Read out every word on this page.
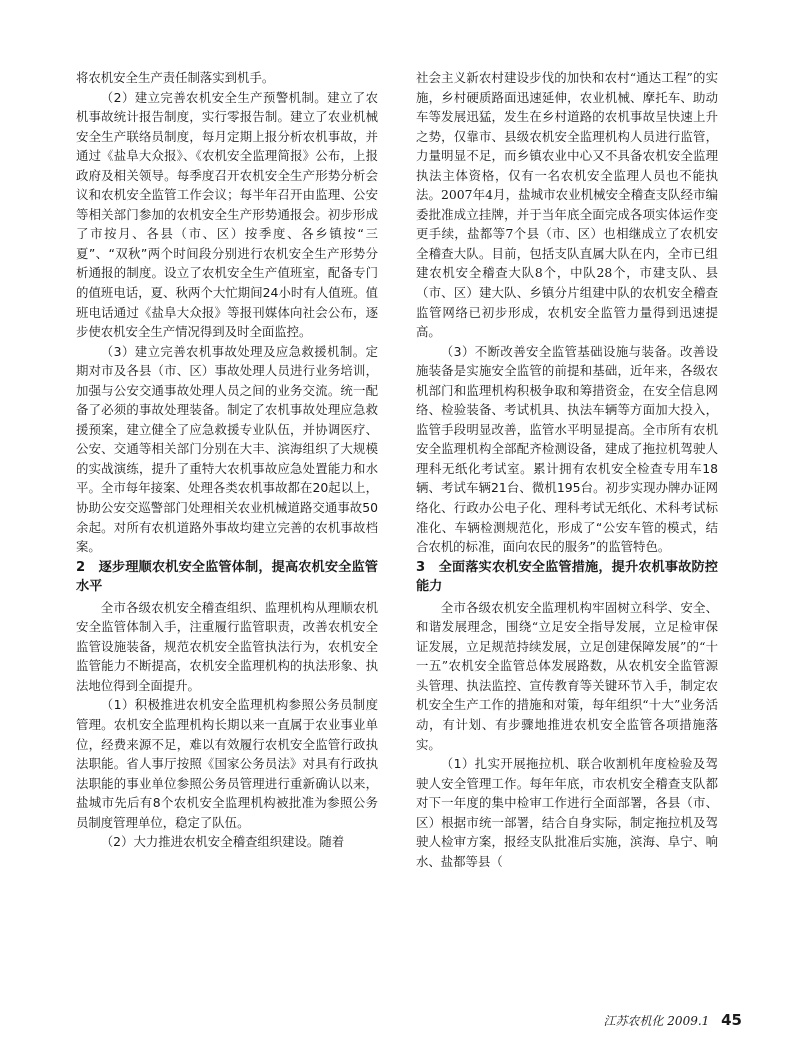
将农机安全生产责任制落实到机手。

（2）建立完善农机安全生产预警机制。建立了农机事故统计报告制度，实行零报告制。建立了农业机械安全生产联络员制度，每月定期上报分析农机事故，并通过《盐阜大众报》、《农机安全监理简报》公布，上报政府及相关领导。每季度召开农机安全生产形势分析会议和农机安全监管工作会议；每半年召开由监理、公安等相关部门参加的农机安全生产形势通报会。初步形成了市按月、各县（市、区）按季度、各乡镇按“三夏”、“双秋”两个时间段分别进行农机安全生产形势分析通报的制度。设立了农机安全生产值班室，配备专门的值班电话，夏、秋两个大忙期间24小时有人值班。值班电话通过《盐阜大众报》等报刊媒体向社会公布，逐步使农机安全生产情况得到及时全面监控。

（3）建立完善农机事故处理及应急救援机制。定期对市及各县（市、区）事故处理人员进行业务培训，加强与公安交通事故处理人员之间的业务交流。统一配备了必须的事故处理装备。制定了农机事故处理应急救援预案，建立健全了应急救援专业队伍，并协调医疗、公安、交通等相关部门分别在大丰、滨海组织了大规模的实战演练，提升了重特大农机事故应急处置能力和水平。全市每年接案、处理各类农机事故都在20起以上，协助公安交巡警部门处理相关农业机械道路交通事故50余起。对所有农机道路外事故均建立完善的农机事故档案。

2　逐步理顺农机安全监管体制，提高农机安全监管水平

全市各级农机安全稽查组织、监理机构从理顺农机安全监管体制入手，注重履行监管职责，改善农机安全监管设施装备，规范农机安全监管执法行为，农机安全监管能力不断提高，农机安全监理机构的执法形象、执法地位得到全面提升。

（1）积极推进农机安全监理机构参照公务员制度管理。农机安全监理机构长期以来一直属于农业事业单位，经费来源不足，难以有效履行农机安全监管行政执法职能。省人事厅按照《国家公务员法》对具有行政执法职能的事业单位参照公务员管理进行重新确认以来，盐城市先后有8个农机安全监理机构被批准为参照公务员制度管理单位，稳定了队伍。

（2）大力推进农机安全稽查组织建设。随着

社会主义新农村建设步伐的加快和农村“通达工程”的实施，乡村硬质路面迅速延伸，农业机械、摩托车、助动车等发展迅猛，发生在乡村道路的农机事故呈快速上升之势，仅靠市、县级农机安全监理机构人员进行监管，力量明显不足，而乡镇农业中心又不具备农机安全监理执法主体资格，仅有一名农机安全监理人员也不能执法。2007年4月，盐城市农业机械安全稽查支队经市编委批准成立挂牌，并于当年底全面完成各项实体运作变更手续，盐都等7个县（市、区）也相继成立了农机安全稽查大队。目前，包括支队直属大队在内，全市已组建农机安全稽查大队8个，中队28个，市建支队、县（市、区）建大队、乡镇分片组建中队的农机安全稽查监管网络已初步形成，农机安全监管力量得到迅速提高。

（3）不断改善安全监管基础设施与装备。改善设施装备是实施安全监管的前提和基础，近年来，各级农机部门和监理机构积极争取和筹措资金，在安全信息网络、检验装备、考试机具、执法车辆等方面加大投入，监管手段明显改善，监管水平明显提高。全市所有农机安全监理机构全部配齐检测设备，建成了拖拉机驾驶人理科无纸化考试室。累计拥有农机安全检查专用车18辆、考试车辆21台、微机195台。初步实现办牌办证网络化、行政办公电子化、理科考试无纸化、术科考试标准化、车辆检测规范化，形成了“公安车管的模式，结合农机的标准，面向农民的服务”的监管特色。

3　全面落实农机安全监管措施，提升农机事故防控能力

全市各级农机安全监理机构牢固树立科学、安全、和谐发展理念，围绕“立足安全指导发展，立足检审保证发展，立足规范持续发展，立足创建保障发展”的“十一五”农机安全监管总体发展路数，从农机安全监管源头管理、执法监控、宣传教育等关键环节入手，制定农机安全生产工作的措施和对策，每年组织“十大”业务活动，有计划、有步骤地推进农机安全监管各项措施落实。

（1）扎实开展拖拉机、联合收割机年度检验及驾驶人安全管理工作。每年年底，市农机安全稽查支队都对下一年度的集中检审工作进行全面部署，各县（市、区）根据市统一部署，结合自身实际，制定拖拉机及驾驶人检审方案，报经支队批准后实施，滨海、阜宁、响水、盐都等县（

江苏农机化 2009.1 45
